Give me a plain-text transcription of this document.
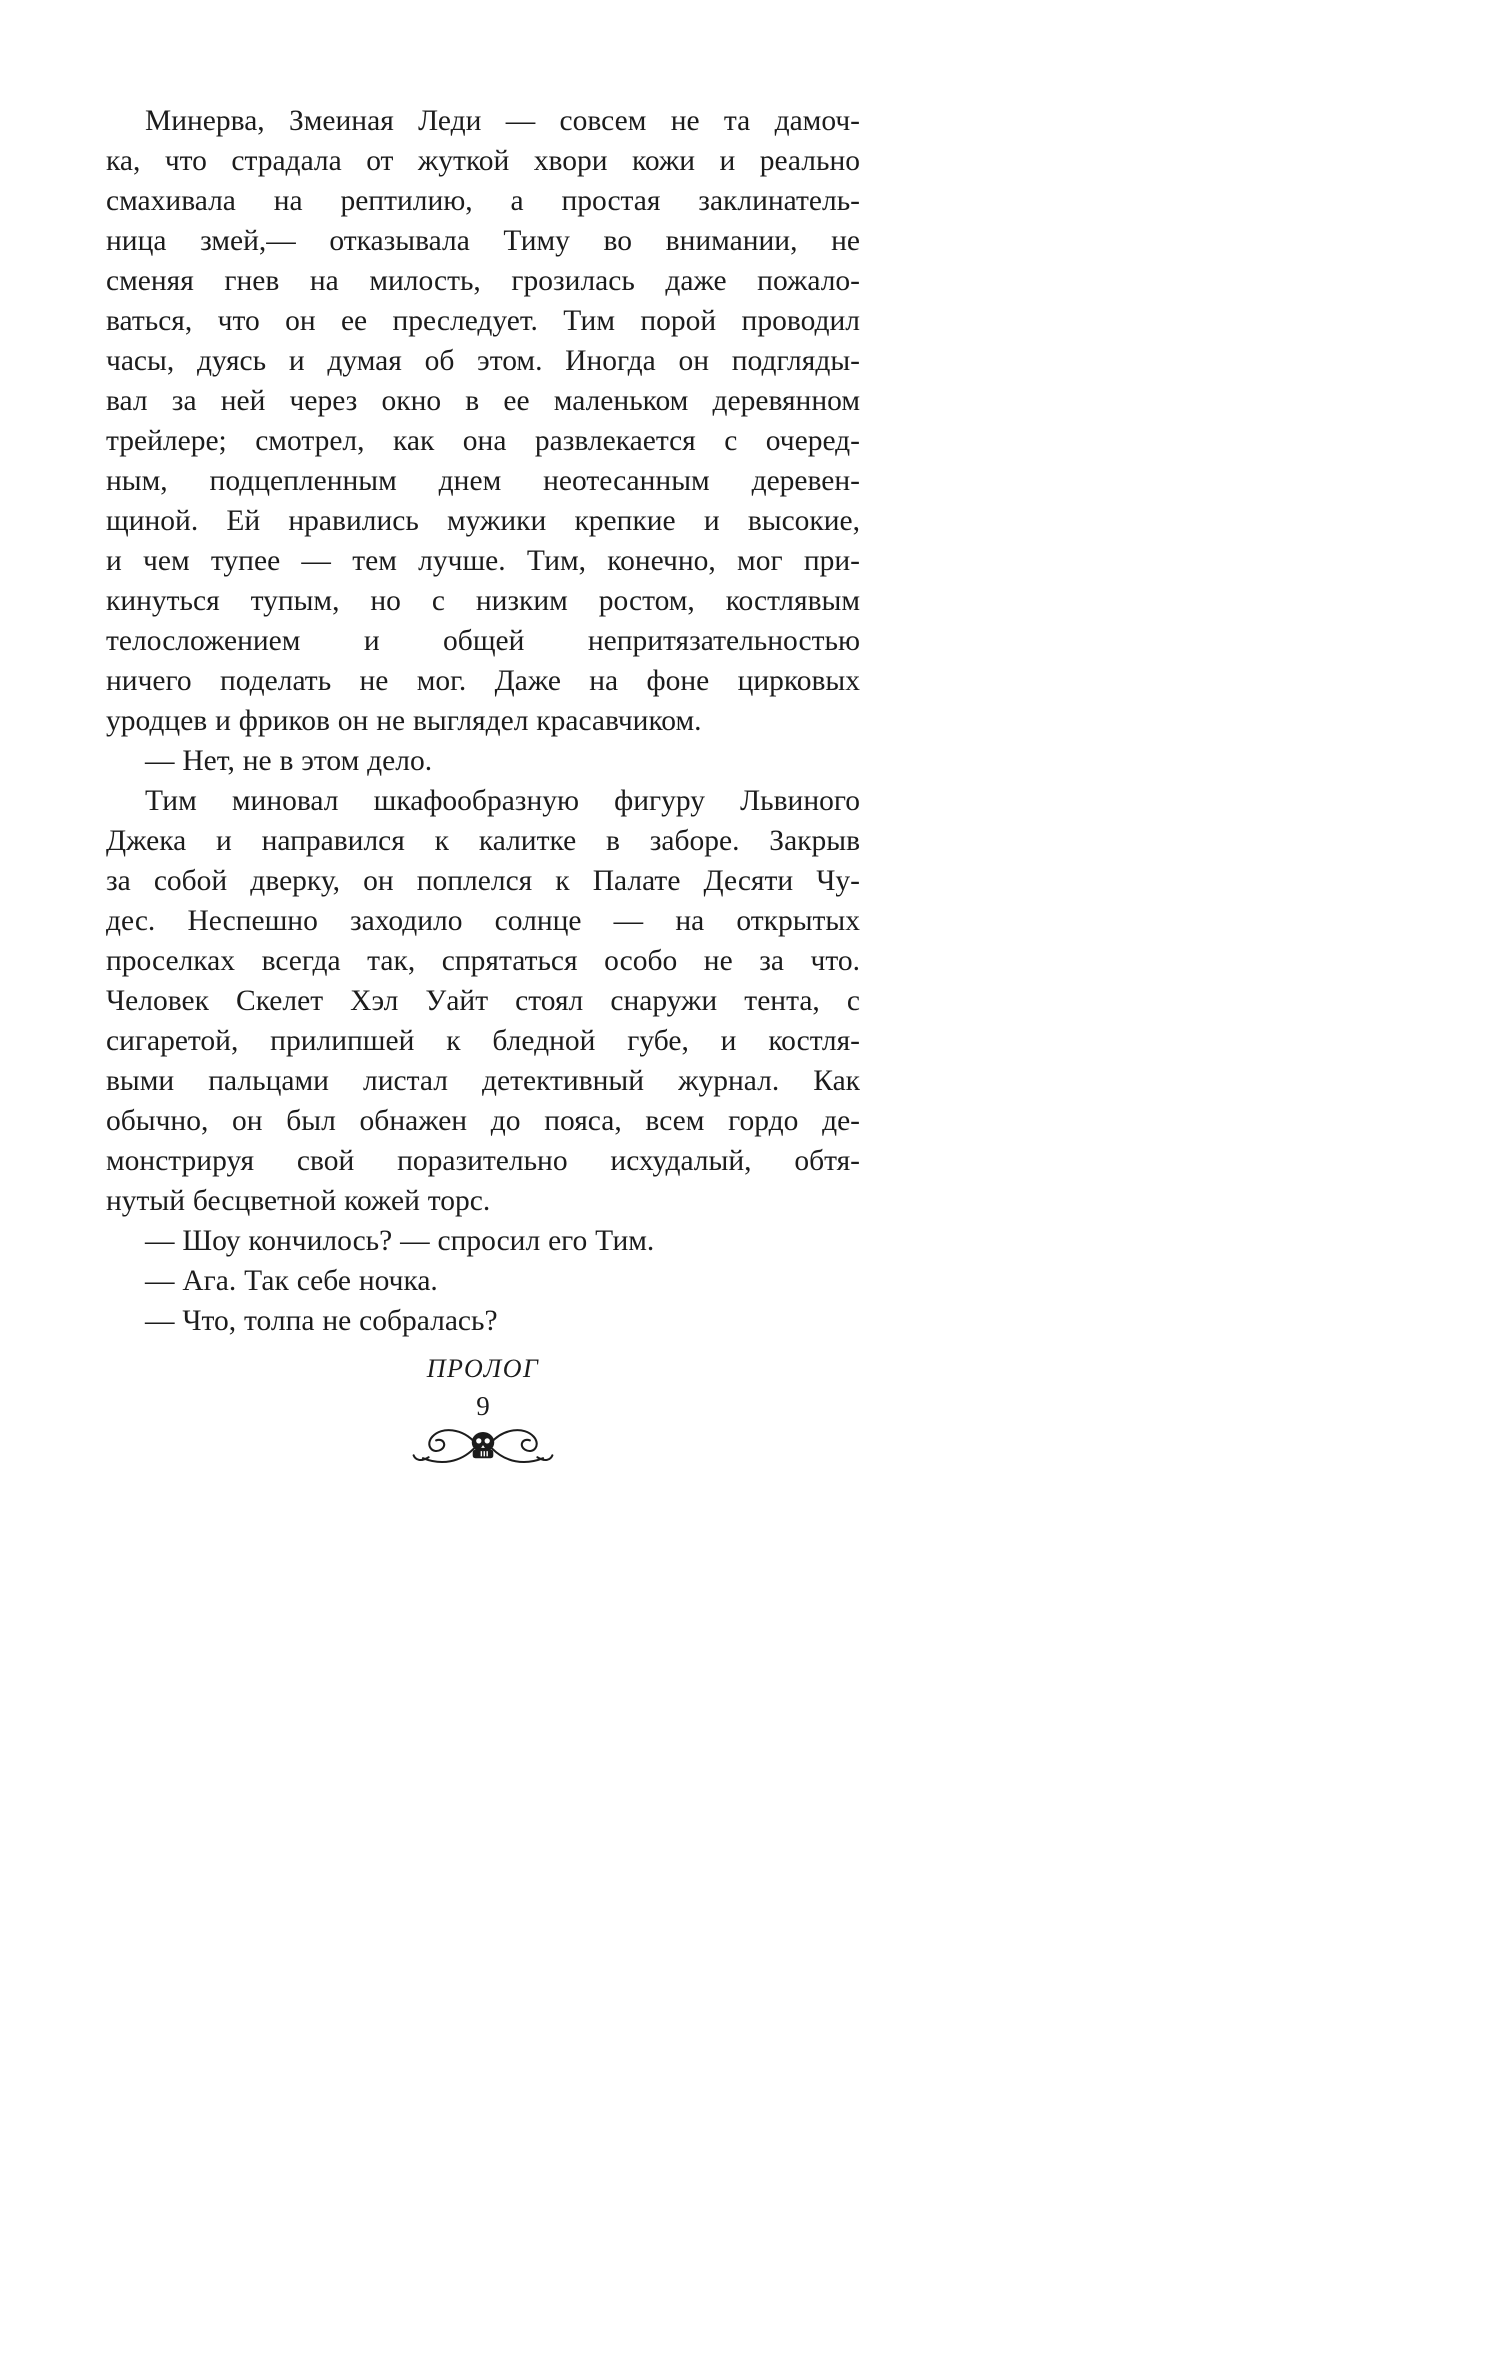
Минерва, Змеиная Леди — совсем не та дамоч-
ка, что страдала от жуткой хвори кожи и реально
смахивала на рептилию, а простая заклинатель-
ница змей,— отказывала Тиму во внимании, не
сменяя гнев на милость, грозилась даже пожало-
ваться, что он ее преследует. Тим порой проводил
часы, дуясь и думая об этом. Иногда он подгляды-
вал за ней через окно в ее маленьком деревянном
трейлере; смотрел, как она развлекается с очеред-
ным, подцепленным днем неотесанным деревен-
щиной. Ей нравились мужики крепкие и высокие,
и чем тупее — тем лучше. Тим, конечно, мог при-
кинуться тупым, но с низким ростом, костлявым
телосложением и общей непритязательностью
ничего поделать не мог. Даже на фоне цирковых
уродцев и фриков он не выглядел красавчиком.
— Нет, не в этом дело.
Тим миновал шкафообразную фигуру Львиного
Джека и направился к калитке в заборе. Закрыв
за собой дверку, он поплелся к Палате Десяти Чу-
дес. Неспешно заходило солнце — на открытых
проселках всегда так, спрятаться особо не за что.
Человек Скелет Хэл Уайт стоял снаружи тента, с
сигаретой, прилипшей к бледной губе, и костля-
выми пальцами листал детективный журнал. Как
обычно, он был обнажен до пояса, всем гордо де-
монстрируя свой поразительно исхудалый, обтя-
нутый бесцветной кожей торс.
— Шоу кончилось? — спросил его Тим.
— Ага. Так себе ночка.
— Что, толпа не собралась?
ПРОЛОГ
9
